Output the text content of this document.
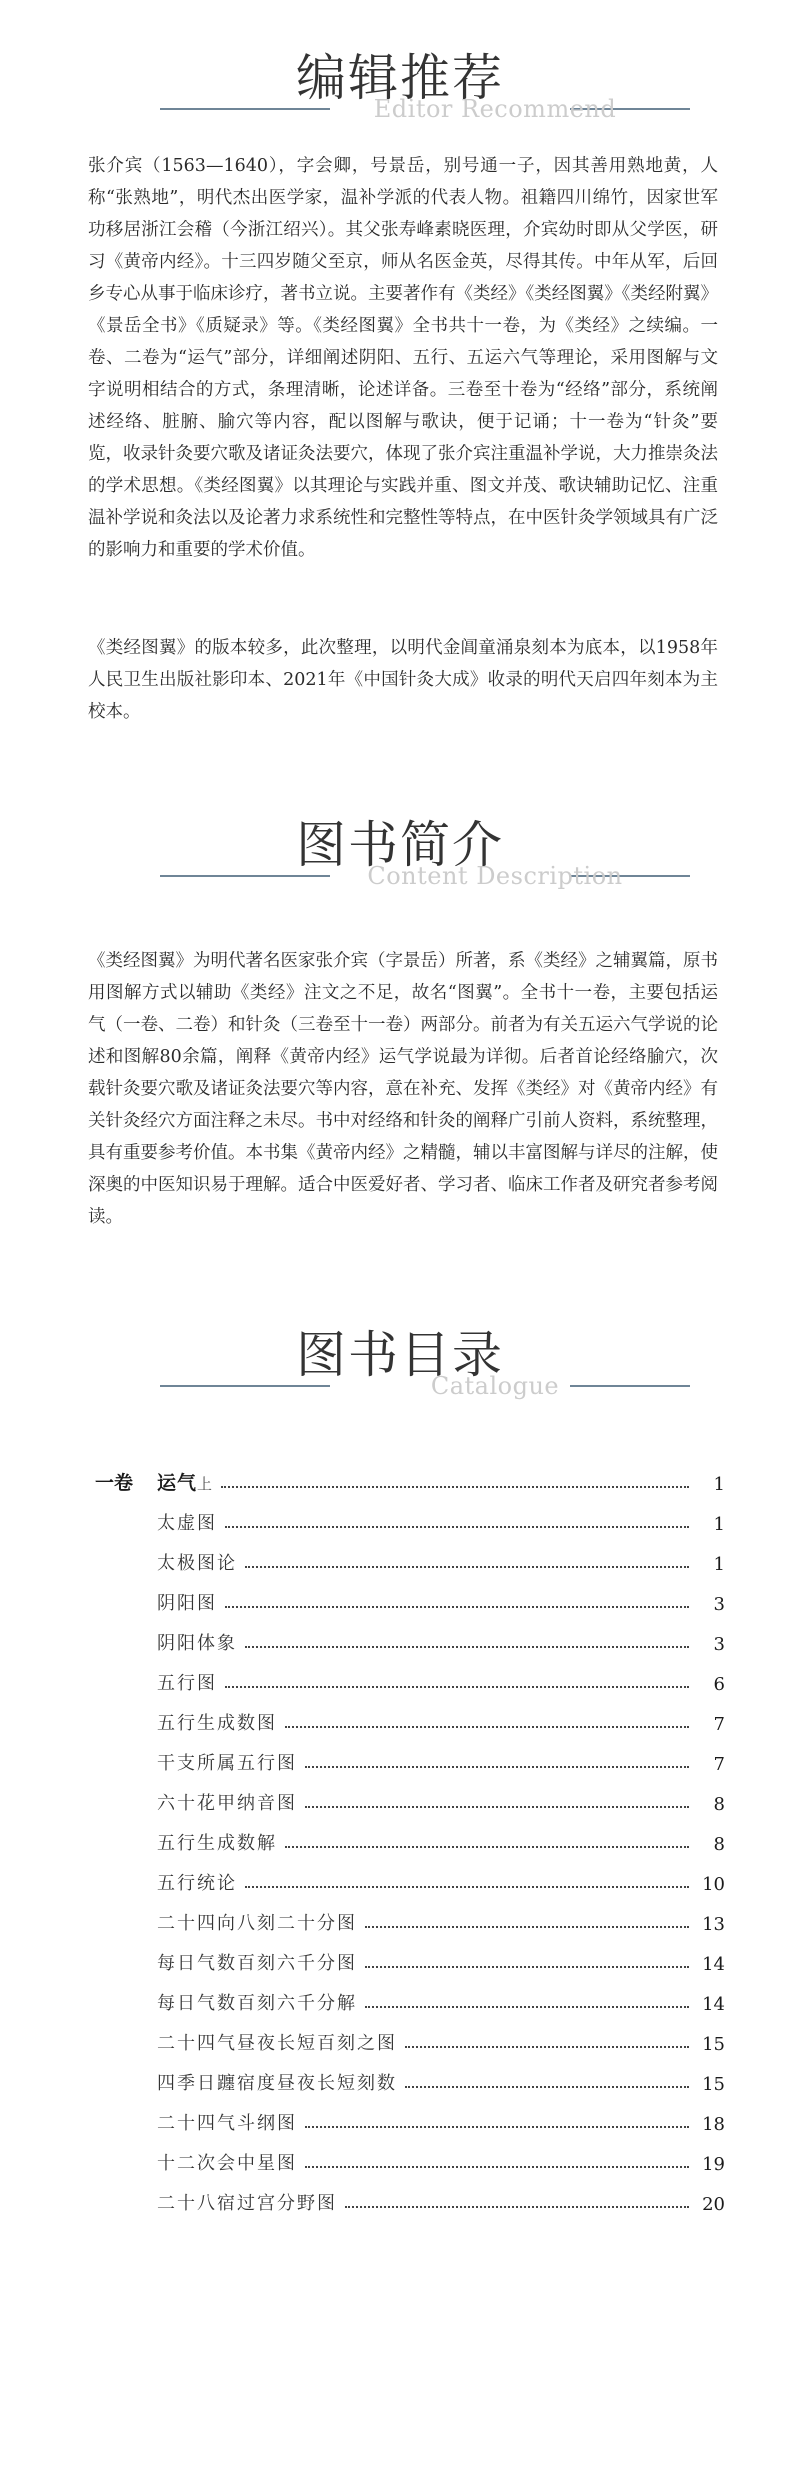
编辑推荐
Editor Recommend

张介宾（1563—1640），字会卿，号景岳，别号通一子，因其善用熟地黄，人称“张熟地”，明代杰出医学家，温补学派的代表人物。祖籍四川绵竹，因家世军功移居浙江会稽（今浙江绍兴）。其父张寿峰素晓医理，介宾幼时即从父学医，研习《黄帝内经》。十三四岁随父至京，师从名医金英，尽得其传。中年从军，后回乡专心从事于临床诊疗，著书立说。主要著作有《类经》《类经图翼》《类经附翼》《景岳全书》《质疑录》等。《类经图翼》全书共十一卷，为《类经》之续编。一卷、二卷为“运气”部分，详细阐述阴阳、五行、五运六气等理论，采用图解与文字说明相结合的方式，条理清晰，论述详备。三卷至十卷为“经络”部分，系统阐述经络、脏腑、腧穴等内容，配以图解与歌诀，便于记诵；十一卷为“针灸”要览，收录针灸要穴歌及诸证灸法要穴，体现了张介宾注重温补学说，大力推崇灸法的学术思想。《类经图翼》以其理论与实践并重、图文并茂、歌诀辅助记忆、注重温补学说和灸法以及论著力求系统性和完整性等特点，在中医针灸学领域具有广泛的影响力和重要的学术价值。

《类经图翼》的版本较多，此次整理，以明代金阊童涌泉刻本为底本，以1958年人民卫生出版社影印本、2021年《中国针灸大成》收录的明代天启四年刻本为主校本。

图书简介
Content Description

《类经图翼》为明代著名医家张介宾（字景岳）所著，系《类经》之辅翼篇，原书用图解方式以辅助《类经》注文之不足，故名“图翼”。全书十一卷，主要包括运气（一卷、二卷）和针灸（三卷至十一卷）两部分。前者为有关五运六气学说的论述和图解80余篇，阐释《黄帝内经》运气学说最为详彻。后者首论经络腧穴，次载针灸要穴歌及诸证灸法要穴等内容，意在补充、发挥《类经》对《黄帝内经》有关针灸经穴方面注释之未尽。书中对经络和针灸的阐释广引前人资料，系统整理，具有重要参考价值。本书集《黄帝内经》之精髓，辅以丰富图解与详尽的注解，使深奥的中医知识易于理解。适合中医爱好者、学习者、临床工作者及研究者参考阅读。

图书目录
Catalogue
一卷	运气上	1
太虚图	1
太极图论	1
阴阳图	3
阴阳体象	3
五行图	6
五行生成数图	7
干支所属五行图	7
六十花甲纳音图	8
五行生成数解	8
五行统论	10
二十四向八刻二十分图	13
每日气数百刻六千分图	14
每日气数百刻六千分解	14
二十四气昼夜长短百刻之图	15
四季日躔宿度昼夜长短刻数	15
二十四气斗纲图	18
十二次会中星图	19
二十八宿过宫分野图	20
